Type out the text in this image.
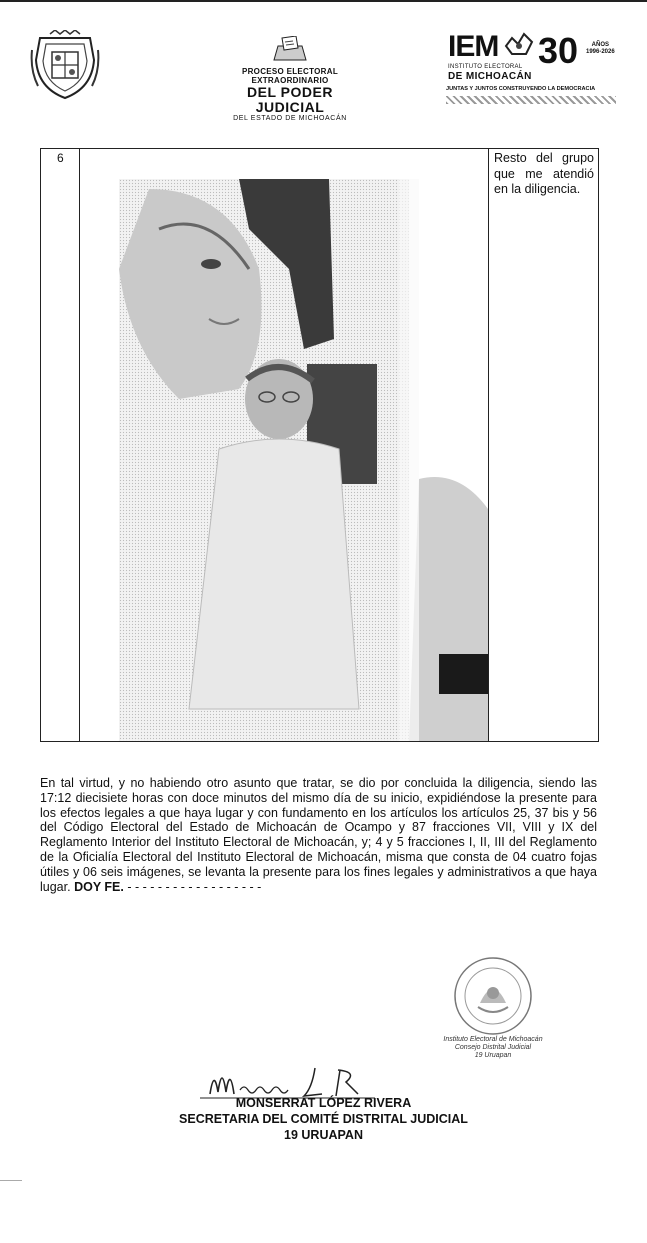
PROCESO ELECTORAL
EXTRAORDINARIO
DEL PODER JUDICIAL
DEL ESTADO DE MICHOACÁN
IEM
INSTITUTO ELECTORAL
DE MICHOACÁN
30	AÑOS
1996-2026
JUNTAS Y JUNTOS CONSTRUYENDO LA DEMOCRACIA
6	Resto del grupo que me atendió en la diligencia.
En tal virtud, y no habiendo otro asunto que tratar, se dio por concluida la diligencia, siendo las 17:12 diecisiete horas con doce minutos del mismo día de su inicio, expidiéndose la presente para los efectos legales a que haya lugar y con fundamento en los artículos los artículos 25, 37 bis y 56 del Código Electoral del Estado de Michoacán de Ocampo y 87 fracciones VII, VIII y IX del Reglamento Interior del Instituto Electoral de Michoacán, y; 4 y 5 fracciones I, II, III del Reglamento de la Oficialía Electoral del Instituto Electoral de Michoacán, misma que consta de 04 cuatro fojas útiles y 06 seis imágenes, se levanta la presente para los fines legales y administrativos a que haya lugar. DOY FE. - - - - - - - - - - - - - - - - - -
Instituto Electoral de Michoacán
Consejo Distrital Judicial
19 Uruapan
MONSERRAT LÓPEZ RIVERA
SECRETARIA DEL COMITÉ DISTRITAL JUDICIAL
19 URUAPAN
